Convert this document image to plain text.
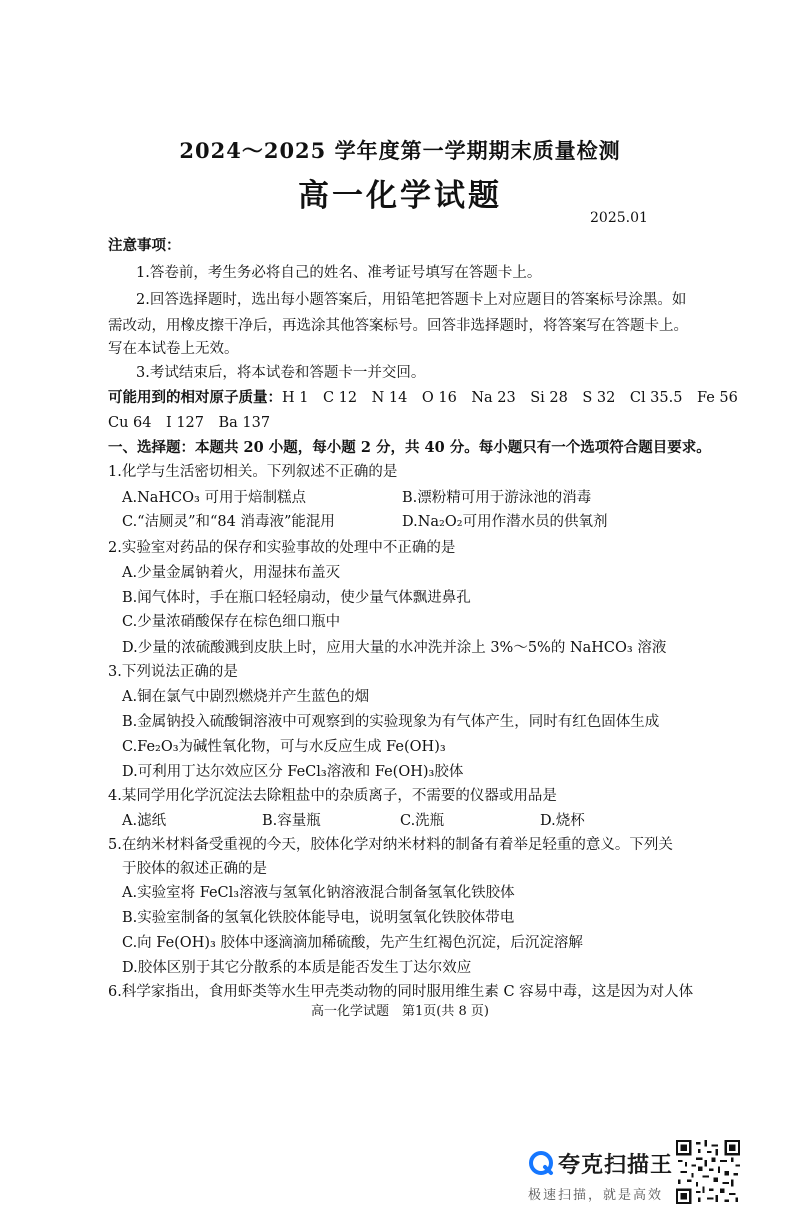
2024～2025 学年度第一学期期末质量检测
高一化学试题
2025.01
注意事项：
1.答卷前，考生务必将自己的姓名、准考证号填写在答题卡上。
2.回答选择题时，选出每小题答案后，用铅笔把答题卡上对应题目的答案标号涂黑。如
需改动，用橡皮擦干净后，再选涂其他答案标号。回答非选择题时，将答案写在答题卡上。
写在本试卷上无效。
3.考试结束后，将本试卷和答题卡一并交回。
可能用到的相对原子质量：H 1　C 12　N 14　O 16　Na 23　Si 28　S 32　Cl 35.5　Fe 56
Cu 64　I 127　Ba 137
一、选择题：本题共 20 小题，每小题 2 分，共 40 分。每小题只有一个选项符合题目要求。
1.化学与生活密切相关。下列叙述不正确的是
A.NaHCO₃ 可用于焙制糕点	B.漂粉精可用于游泳池的消毒
C.“洁厕灵”和“84 消毒液”能混用	D.Na₂O₂可用作潜水员的供氧剂
2.实验室对药品的保存和实验事故的处理中不正确的是
A.少量金属钠着火，用湿抹布盖灭
B.闻气体时，手在瓶口轻轻扇动，使少量气体飘进鼻孔
C.少量浓硝酸保存在棕色细口瓶中
D.少量的浓硫酸溅到皮肤上时，应用大量的水冲洗并涂上 3%～5%的 NaHCO₃ 溶液
3.下列说法正确的是
A.铜在氯气中剧烈燃烧并产生蓝色的烟
B.金属钠投入硫酸铜溶液中可观察到的实验现象为有气体产生，同时有红色固体生成
C.Fe₂O₃为碱性氧化物，可与水反应生成 Fe(OH)₃
D.可利用丁达尔效应区分 FeCl₃溶液和 Fe(OH)₃胶体
4.某同学用化学沉淀法去除粗盐中的杂质离子，不需要的仪器或用品是
A.滤纸	B.容量瓶	C.洗瓶	D.烧杯
5.在纳米材料备受重视的今天，胶体化学对纳米材料的制备有着举足轻重的意义。下列关
于胶体的叙述正确的是
A.实验室将 FeCl₃溶液与氢氧化钠溶液混合制备氢氧化铁胶体
B.实验室制备的氢氧化铁胶体能导电，说明氢氧化铁胶体带电
C.向 Fe(OH)₃ 胶体中逐滴滴加稀硫酸，先产生红褐色沉淀，后沉淀溶解
D.胶体区别于其它分散系的本质是能否发生丁达尔效应
6.科学家指出，食用虾类等水生甲壳类动物的同时服用维生素 C 容易中毒，这是因为对人体
高一化学试题　第1页(共 8 页)
夸克扫描王
极速扫描，就是高效
